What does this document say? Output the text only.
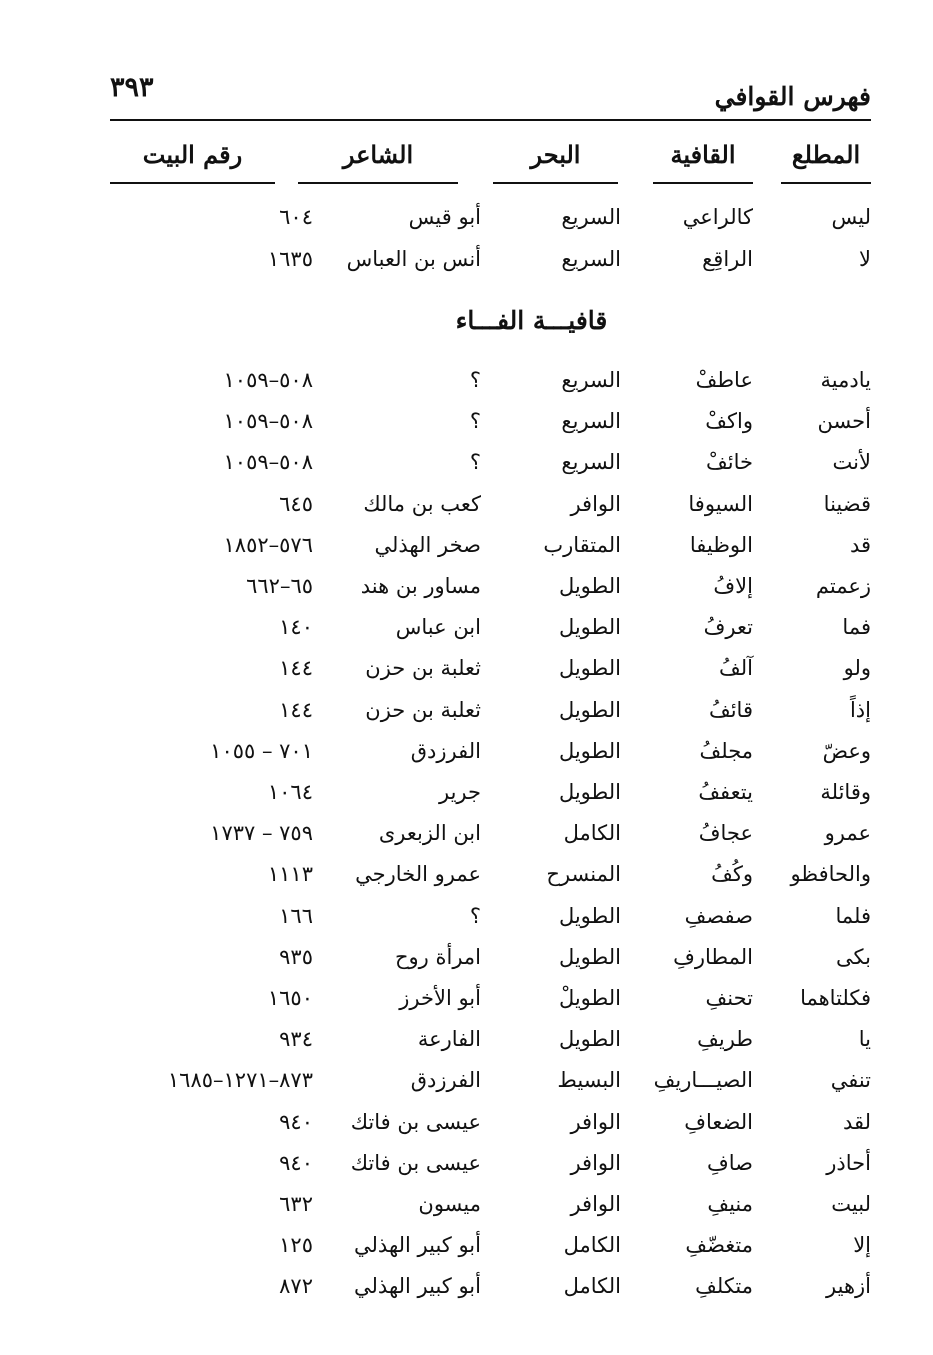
فهرس القوافي
٣٩٣
المطلع
القافية
البحر
الشاعر
رقم البيت
ليس
كالراعي
السريع
أبو قيس
٦٠٤
لا
الراقِع
السريع
أنس بن العباس
١٦٣٥
قافيـــة الفـــاء
يادمية
عاطفْ
السريع
؟
٥٠٨–١٠٥٩
أحسن
واكفْ
السريع
؟
٥٠٨–١٠٥٩
لأنت
خائفْ
السريع
؟
٥٠٨–١٠٥٩
قضينا
السيوفا
الوافر
كعب بن مالك
٦٤٥
قد
الوظيفا
المتقارب
صخر الهذلي
٥٧٦–١٨٥٢
زعمتم
إلافُ
الطويل
مساور بن هند
٦٥–٦٦٢
فما
تعرفُ
الطويل
ابن عباس
١٤٠
ولو
آلفُ
الطويل
ثعلبة بن حزن
١٤٤
إذاً
قائفُ
الطويل
ثعلبة بن حزن
١٤٤
وعضّ
مجلفُ
الطويل
الفرزدق
٧٠١ – ١٠٥٥
وقائلة
يتعففُ
الطويل
جرير
١٠٦٤
عمرو
عجافُ
الكامل
ابن الزبعرى
٧٥٩ – ١٧٣٧
والحافظو
وكُفُ
المنسرح
عمرو الخارجي
١١١٣
فلما
صفصفِ
الطويل
؟
١٦٦
بكى
المطارفِ
الطويل
امرأة روح
٩٣٥
فكلتاهما
تحنفِ
الطويلْ
أبو الأخرز
١٦٥٠
يا
طريفِ
الطويل
الفارعة
٩٣٤
تنفي
الصيـــاريفِ
البسيط
الفرزدق
٨٧٣–١٢٧١–١٦٨٥
لقد
الضعافِ
الوافر
عيسى بن فاتك
٩٤٠
أحاذر
صافِ
الوافر
عيسى بن فاتك
٩٤٠
لبيت
منيفِ
الوافر
ميسون
٦٣٢
إلا
متغضّفِ
الكامل
أبو كبير الهذلي
١٢٥
أزهير
متكلفِ
الكامل
أبو كبير الهذلي
٨٧٢
